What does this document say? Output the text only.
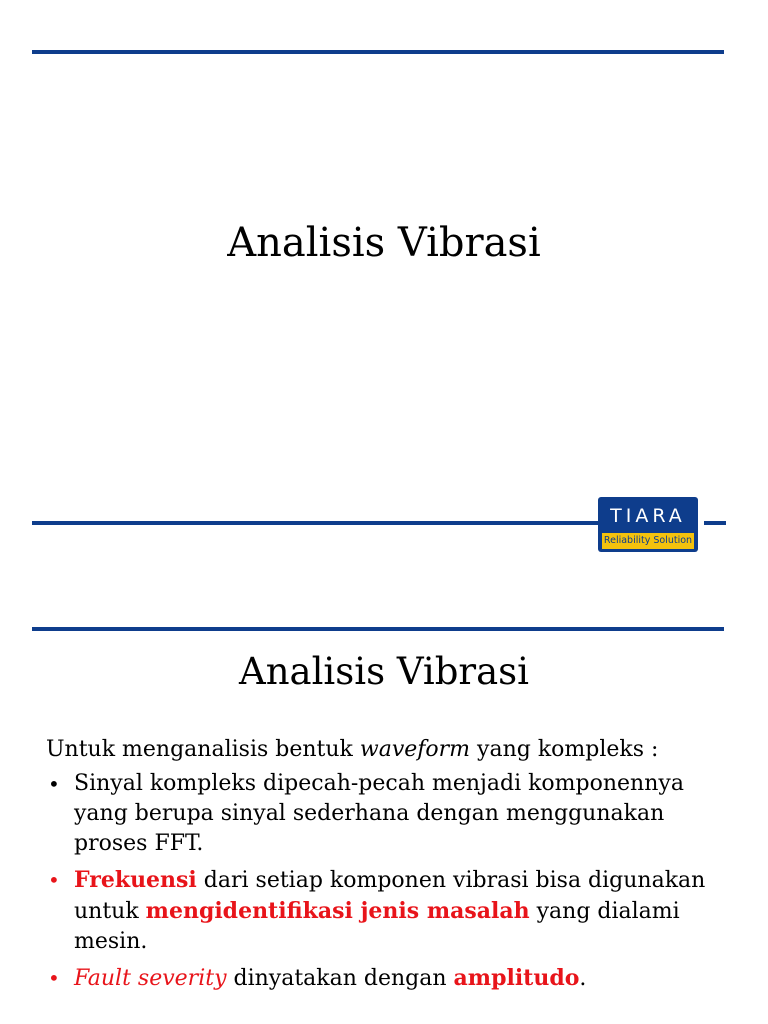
Analisis Vibrasi
TIARA
Reliability Solution
Analisis Vibrasi

Untuk menganalisis bentuk waveform yang kompleks :

• Sinyal kompleks dipecah-pecah menjadi komponennya yang berupa sinyal sederhana dengan menggunakan proses FFT.
• Frekuensi dari setiap komponen vibrasi bisa digunakan untuk mengidentifikasi jenis masalah yang dialami mesin.
• Fault severity dinyatakan dengan amplitudo.
